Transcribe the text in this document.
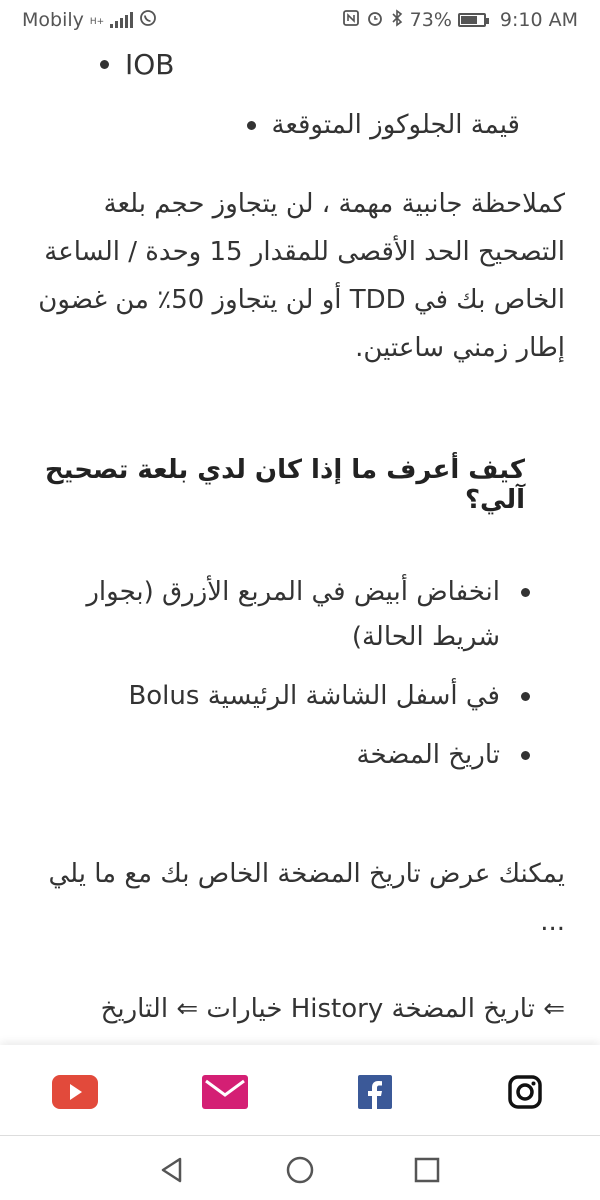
Mobily H+	73%	9:10 AM
IOB
قيمة الجلوكوز المتوقعة

كملاحظة جانبية مهمة ، لن يتجاوز حجم بلعة التصحيح الحد الأقصى للمقدار 15 وحدة / الساعة الخاص بك في TDD أو لن يتجاوز 50٪ من غضون إطار زمني ساعتين.

كيف أعرف ما إذا كان لدي بلعة تصحيح آلي؟

انخفاض أبيض في المربع الأزرق (بجوار شريط الحالة)
في أسفل الشاشة الرئيسية Bolus
تاريخ المضخة

يمكنك عرض تاريخ المضخة الخاص بك مع ما يلي ...

⇐ تاريخ المضخة History خيارات ⇐ التاريخ
